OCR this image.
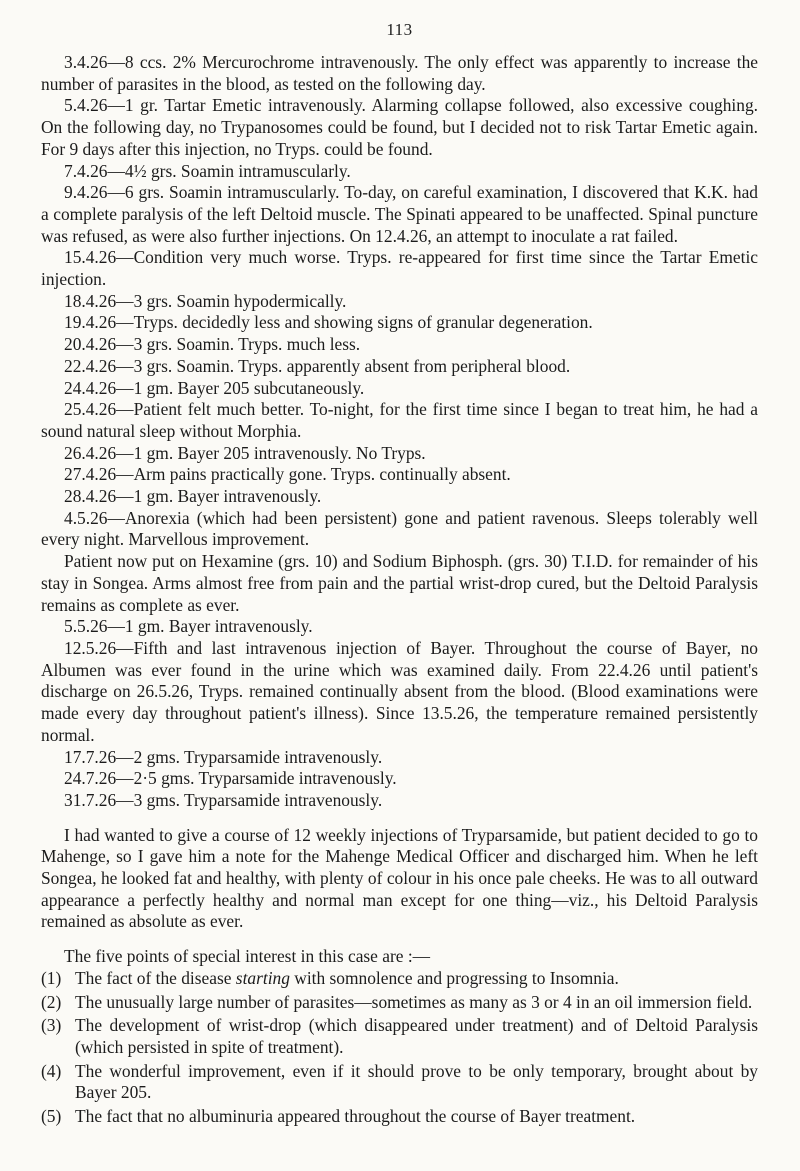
113

3.4.26—8 ccs. 2% Mercurochrome intravenously. The only effect was apparently to increase the number of parasites in the blood, as tested on the following day.

5.4.26—1 gr. Tartar Emetic intravenously. Alarming collapse followed, also excessive coughing. On the following day, no Trypanosomes could be found, but I decided not to risk Tartar Emetic again. For 9 days after this injection, no Tryps. could be found.

7.4.26—4½ grs. Soamin intramuscularly.

9.4.26—6 grs. Soamin intramuscularly. To-day, on careful examination, I discovered that K.K. had a complete paralysis of the left Deltoid muscle. The Spinati appeared to be unaffected. Spinal puncture was refused, as were also further injections. On 12.4.26, an attempt to inoculate a rat failed.

15.4.26—Condition very much worse. Tryps. re-appeared for first time since the Tartar Emetic injection.

18.4.26—3 grs. Soamin hypodermically.

19.4.26—Tryps. decidedly less and showing signs of granular degeneration.

20.4.26—3 grs. Soamin. Tryps. much less.

22.4.26—3 grs. Soamin. Tryps. apparently absent from peripheral blood.

24.4.26—1 gm. Bayer 205 subcutaneously.

25.4.26—Patient felt much better. To-night, for the first time since I began to treat him, he had a sound natural sleep without Morphia.

26.4.26—1 gm. Bayer 205 intravenously. No Tryps.

27.4.26—Arm pains practically gone. Tryps. continually absent.

28.4.26—1 gm. Bayer intravenously.

4.5.26—Anorexia (which had been persistent) gone and patient ravenous. Sleeps tolerably well every night. Marvellous improvement.

Patient now put on Hexamine (grs. 10) and Sodium Biphosph. (grs. 30) T.I.D. for remainder of his stay in Songea. Arms almost free from pain and the partial wrist-drop cured, but the Deltoid Paralysis remains as complete as ever.

5.5.26—1 gm. Bayer intravenously.

12.5.26—Fifth and last intravenous injection of Bayer. Throughout the course of Bayer, no Albumen was ever found in the urine which was examined daily. From 22.4.26 until patient's discharge on 26.5.26, Tryps. remained continually absent from the blood. (Blood examinations were made every day throughout patient's illness). Since 13.5.26, the temperature remained persistently normal.

17.7.26—2 gms. Tryparsamide intravenously.

24.7.26—2·5 gms. Tryparsamide intravenously.

31.7.26—3 gms. Tryparsamide intravenously.

I had wanted to give a course of 12 weekly injections of Tryparsamide, but patient decided to go to Mahenge, so I gave him a note for the Mahenge Medical Officer and discharged him. When he left Songea, he looked fat and healthy, with plenty of colour in his once pale cheeks. He was to all outward appearance a perfectly healthy and normal man except for one thing—viz., his Deltoid Paralysis remained as absolute as ever.

The five points of special interest in this case are :—

(1) The fact of the disease starting with somnolence and progressing to Insomnia.
(2) The unusually large number of parasites—sometimes as many as 3 or 4 in an oil immersion field.
(3) The development of wrist-drop (which disappeared under treatment) and of Deltoid Paralysis (which persisted in spite of treatment).
(4) The wonderful improvement, even if it should prove to be only temporary, brought about by Bayer 205.
(5) The fact that no albuminuria appeared throughout the course of Bayer treatment.
